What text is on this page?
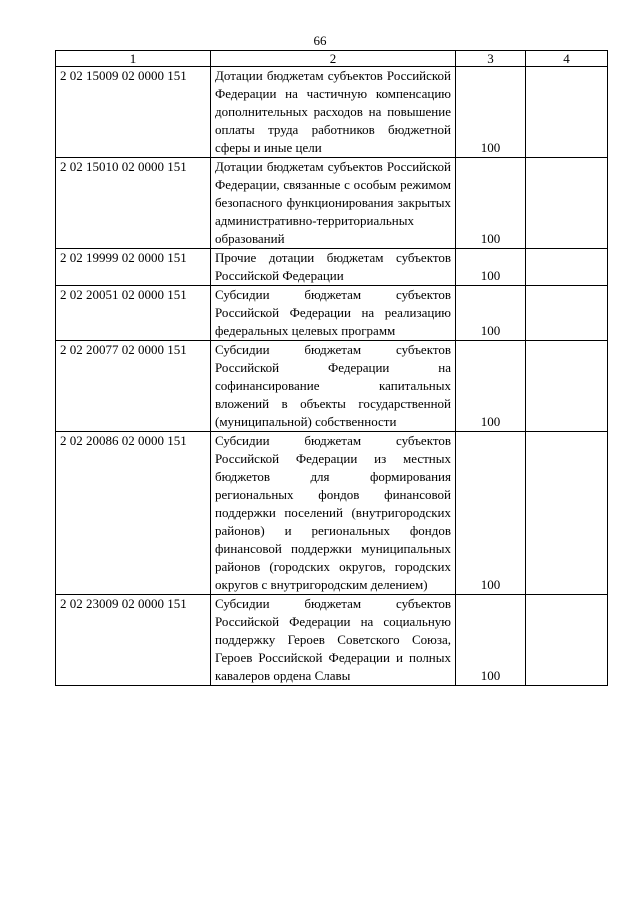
66
1	2	3	4
2 02 15009 02 0000 151	Дотации бюджетам субъектов Российской Федерации на частичную компенсацию дополнительных расходов на повышение оплаты труда работников бюджетной сферы и иные цели	100	
2 02 15010 02 0000 151	Дотации бюджетам субъектов Российской Федерации, связанные с особым режимом безопасного функционирования закрытых административно-территориальных образований	100	
2 02 19999 02 0000 151	Прочие дотации бюджетам субъектов Российской Федерации	100	
2 02 20051 02 0000 151	Субсидии бюджетам субъектов Российской Федерации на реализацию федеральных целевых программ	100	
2 02 20077 02 0000 151	Субсидии бюджетам субъектов Российской Федерации на софинансирование капитальных вложений в объекты государственной (муниципальной) собственности	100	
2 02 20086 02 0000 151	Субсидии бюджетам субъектов Российской Федерации из местных бюджетов для формирования региональных фондов финансовой поддержки поселений (внутригородских районов) и региональных фондов финансовой поддержки муниципальных районов (городских округов, городских округов с внутригородским делением)	100	
2 02 23009 02 0000 151	Субсидии бюджетам субъектов Российской Федерации на социальную поддержку Героев Советского Союза, Героев Российской Федерации и полных кавалеров ордена Славы	100	
